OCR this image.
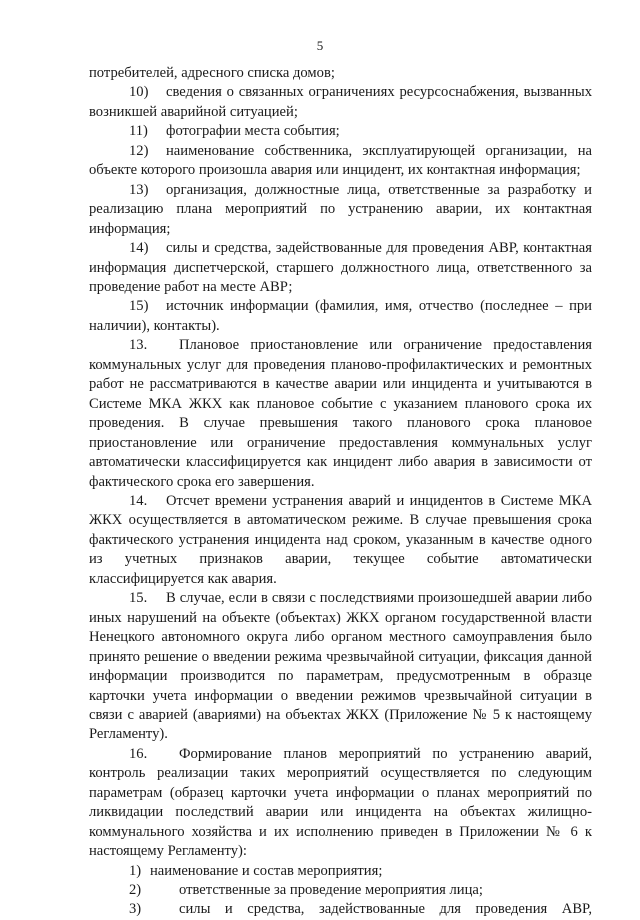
5

потребителей, адресного списка домов;

10) сведения о связанных ограничениях ресурсоснабжения, вызванных возникшей аварийной ситуацией;

11) фотографии места события;

12) наименование собственника, эксплуатирующей организации, на объекте которого произошла авария или инцидент, их контактная информация;

13) организация, должностные лица, ответственные за разработку и реализацию плана мероприятий по устранению аварии, их контактная информация;

14) силы и средства, задействованные для проведения АВР, контактная информация диспетчерской, старшего должностного лица, ответственного за проведение работ на месте АВР;

15) источник информации (фамилия, имя, отчество (последнее – при наличии), контакты).

13. Плановое приостановление или ограничение предоставления коммунальных услуг для проведения планово-профилактических и ремонтных работ не рассматриваются в качестве аварии или инцидента и учитываются в Системе МКА ЖКХ как плановое событие с указанием планового срока их проведения. В случае превышения такого планового срока плановое приостановление или ограничение предоставления коммунальных услуг автоматически классифицируется как инцидент либо авария в зависимости от фактического срока его завершения.

14. Отсчет времени устранения аварий и инцидентов в Системе МКА ЖКХ осуществляется в автоматическом режиме. В случае превышения срока фактического устранения инцидента над сроком, указанным в качестве одного из учетных признаков аварии, текущее событие автоматически классифицируется как авария.

15. В случае, если в связи с последствиями произошедшей аварии либо иных нарушений на объекте (объектах) ЖКХ органом государственной власти Ненецкого автономного округа либо органом местного самоуправления было принято решение о введении режима чрезвычайной ситуации, фиксация данной информации производится по параметрам, предусмотренным в образце карточки учета информации о введении режимов чрезвычайной ситуации в связи с аварией (авариями) на объектах ЖКХ (Приложение № 5 к настоящему Регламенту).

16. Формирование планов мероприятий по устранению аварий, контроль реализации таких мероприятий осуществляется по следующим параметрам (образец карточки учета информации о планах мероприятий по ликвидации последствий аварии или инцидента на объектах жилищно-коммунального хозяйства и их исполнению приведен в Приложении № 6 к настоящему Регламенту):

1) наименование и состав мероприятия;

2)	ответственные за проведение мероприятия лица;

3)	силы и средства, задействованные для проведения АВР,
